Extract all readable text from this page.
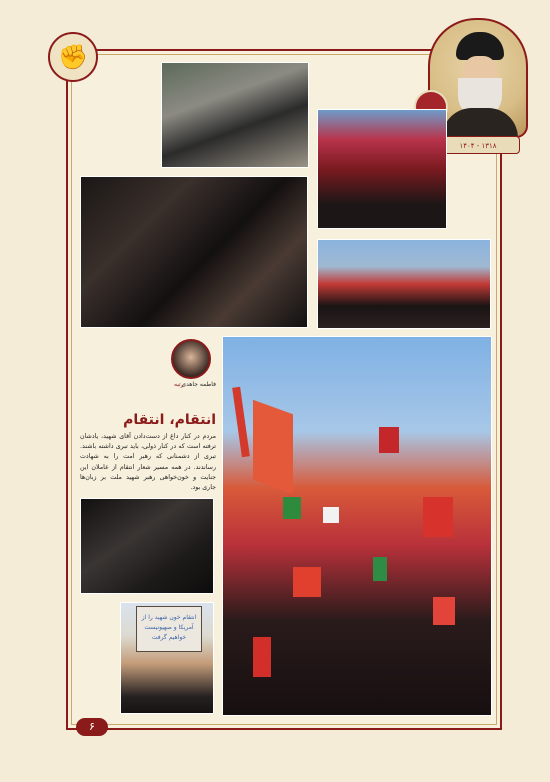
✊
۱۴۰۴ - ۱۳۱۸
انتقام خون شهید را از آمریکا و صهیونیست خواهیم گرفت
فاطمه جاهدی
رتبه
انتقام، انتقام
مردم در کنار داغ از دست‌دادن آقای شهید، یادشان ترفته است که در کنار ذولی، باید تبری داشته باشند. تبری از دشمنانی که رهبر امت را به شهادت رساندند. در همه مسیر شعار انتقام از عاملان این جنایت و خون‌خواهی رهبر شهید ملت بر زبان‌ها جاری بود.
۶
